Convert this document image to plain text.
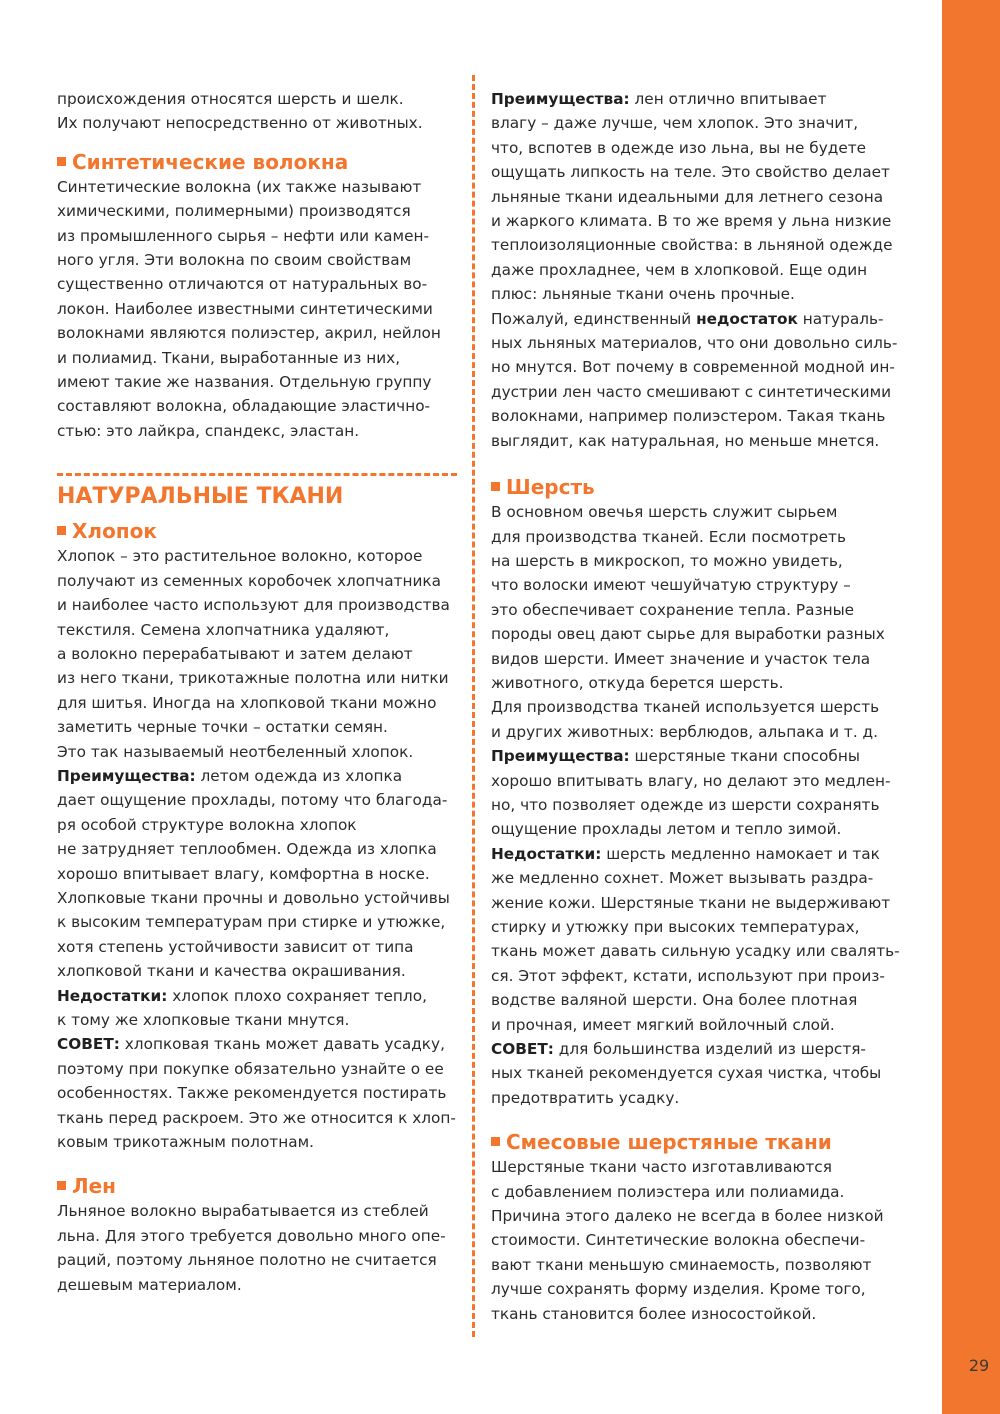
29

происхождения относятся шерсть и шелк.

Их получают непосредственно от животных.

Синтетические волокна

Синтетические волокна (их также называют

химическими, полимерными) производятся

из промышленного сырья – нефти или камен-

ного угля. Эти волокна по своим свойствам

существенно отличаются от натуральных во-

локон. Наиболее известными синтетическими

волокнами являются полиэстер, акрил, нейлон

и полиамид. Ткани, выработанные из них,

имеют такие же названия. Отдельную группу

составляют волокна, обладающие эластично-

стью: это лайкра, спандекс, эластан.

НАТУРАЛЬНЫЕ ТКАНИ
Хлопок

Хлопок – это растительное волокно, которое

получают из семенных коробочек хлопчатника

и наиболее часто используют для производства

текстиля. Семена хлопчатника удаляют,

а волокно перерабатывают и затем делают

из него ткани, трикотажные полотна или нитки

для шитья. Иногда на хлопковой ткани можно

заметить черные точки – остатки семян.

Это так называемый неотбеленный хлопок.

Преимущества: летом одежда из хлопка

дает ощущение прохлады, потому что благода-

ря особой структуре волокна хлопок

не затрудняет теплообмен. Одежда из хлопка

хорошо впитывает влагу, комфортна в носке.

Хлопковые ткани прочны и довольно устойчивы

к высоким температурам при стирке и утюжке,

хотя степень устойчивости зависит от типа

хлопковой ткани и качества окрашивания.

Недостатки: хлопок плохо сохраняет тепло,

к тому же хлопковые ткани мнутся.

СОВЕТ: хлопковая ткань может давать усадку,

поэтому при покупке обязательно узнайте о ее

особенностях. Также рекомендуется постирать

ткань перед раскроем. Это же относится к хлоп-

ковым трикотажным полотнам.

Лен

Льняное волокно вырабатывается из стеблей

льна. Для этого требуется довольно много опе-

раций, поэтому льняное полотно не считается

дешевым материалом.

Преимущества: лен отлично впитывает

влагу – даже лучше, чем хлопок. Это значит,

что, вспотев в одежде изо льна, вы не будете

ощущать липкость на теле. Это свойство делает

льняные ткани идеальными для летнего сезона

и жаркого климата. В то же время у льна низкие

теплоизоляционные свойства: в льняной одежде

даже прохладнее, чем в хлопковой. Еще один

плюс: льняные ткани очень прочные.

Пожалуй, единственный недостаток натураль-

ных льняных материалов, что они довольно силь-

но мнутся. Вот почему в современной модной ин-

дустрии лен часто смешивают с синтетическими

волокнами, например полиэстером. Такая ткань

выглядит, как натуральная, но меньше мнется.

Шерсть

В основном овечья шерсть служит сырьем

для производства тканей. Если посмотреть

на шерсть в микроскоп, то можно увидеть,

что волоски имеют чешуйчатую структуру –

это обеспечивает сохранение тепла. Разные

породы овец дают сырье для выработки разных

видов шерсти. Имеет значение и участок тела

животного, откуда берется шерсть.

Для производства тканей используется шерсть

и других животных: верблюдов, альпака и т. д.

Преимущества: шерстяные ткани способны

хорошо впитывать влагу, но делают это медлен-

но, что позволяет одежде из шерсти сохранять

ощущение прохлады летом и тепло зимой.

Недостатки: шерсть медленно намокает и так

же медленно сохнет. Может вызывать раздра-

жение кожи. Шерстяные ткани не выдерживают

стирку и утюжку при высоких температурах,

ткань может давать сильную усадку или свалять-

ся. Этот эффект, кстати, используют при произ-

водстве валяной шерсти. Она более плотная

и прочная, имеет мягкий войлочный слой.

СОВЕТ: для большинства изделий из шерстя-

ных тканей рекомендуется сухая чистка, чтобы

предотвратить усадку.

Смесовые шерстяные ткани

Шерстяные ткани часто изготавливаются

с добавлением полиэстера или полиамида.

Причина этого далеко не всегда в более низкой

стоимости. Синтетические волокна обеспечи-

вают ткани меньшую сминаемость, позволяют

лучше сохранять форму изделия. Кроме того,

ткань становится более износостойкой.
